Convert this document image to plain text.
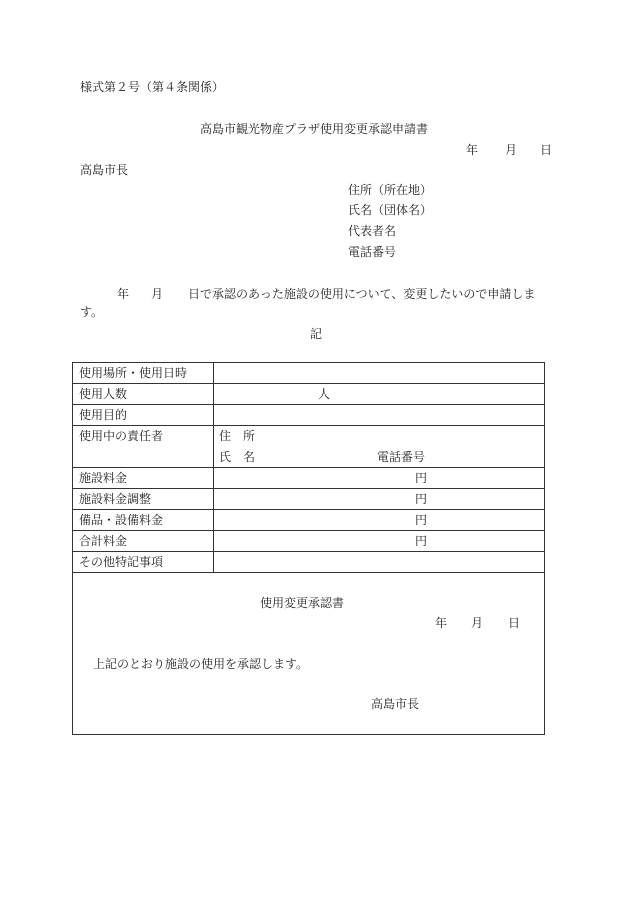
様式第２号（第４条関係）
高島市観光物産プラザ使用変更承認申請書
年 月 日
高島市長
住所（所在地）
氏名（団体名）
代表者名
電話番号
年 月 日で承認のあった施設の使用について、変更したいので申請しま
す。
記
使用場所・使用日時
使用人数	人
使用目的
使用中の責任者	住　所
氏　名	電話番号
施設料金	円
施設料金調整	円
備品・設備料金	円
合計料金	円
その他特記事項
使用変更承認書
年 月 日
上記のとおり施設の使用を承認します。
高島市長
